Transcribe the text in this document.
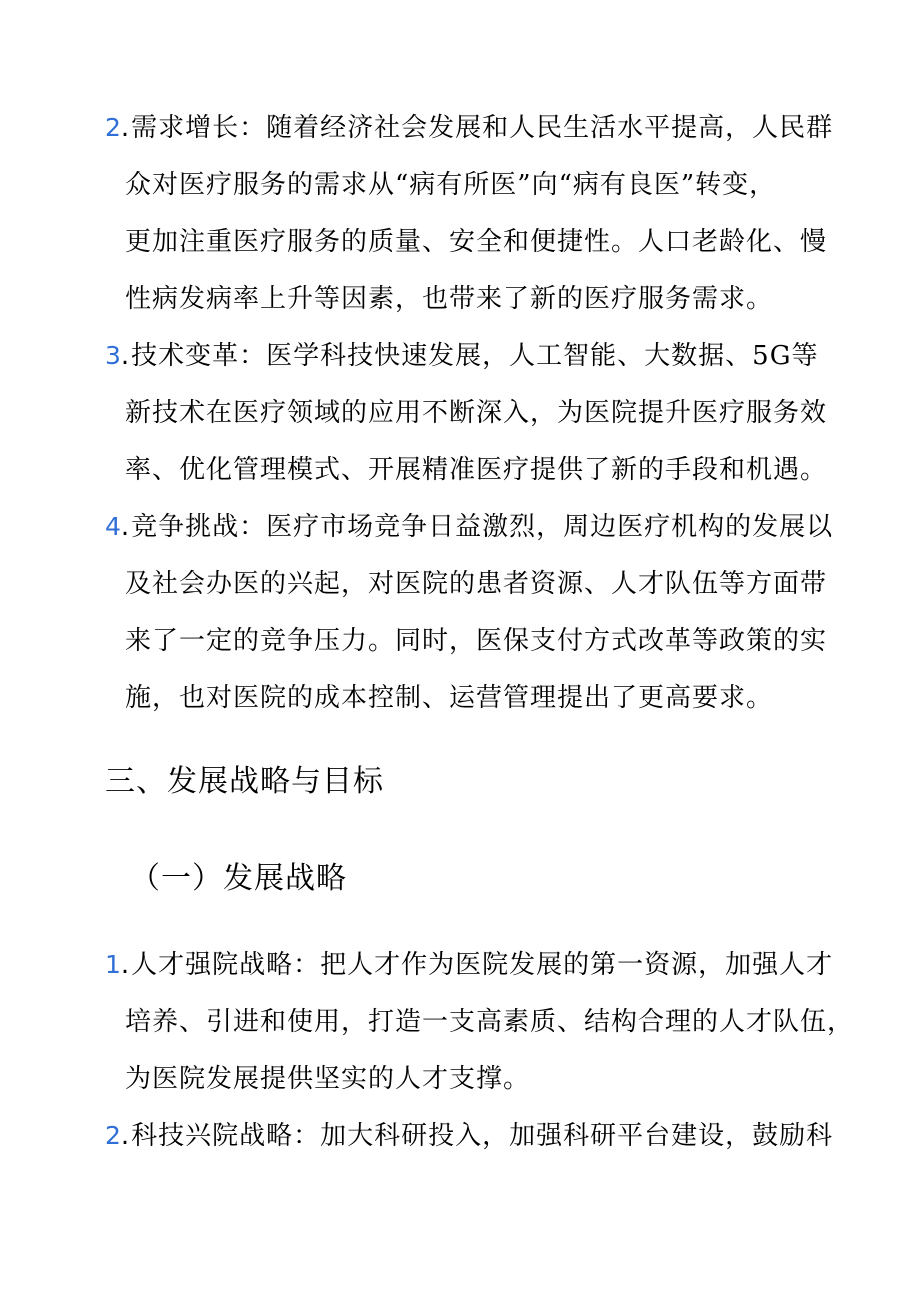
2.需求增长：随着经济社会发展和人民生活水平提高，人民群
众对医疗服务的需求从“病有所医”向“病有良医”转变，
更加注重医疗服务的质量、安全和便捷性。人口老龄化、慢
性病发病率上升等因素，也带来了新的医疗服务需求。
3.技术变革：医学科技快速发展，人工智能、大数据、5G等
新技术在医疗领域的应用不断深入，为医院提升医疗服务效
率、优化管理模式、开展精准医疗提供了新的手段和机遇。
4.竞争挑战：医疗市场竞争日益激烈，周边医疗机构的发展以
及社会办医的兴起，对医院的患者资源、人才队伍等方面带
来了一定的竞争压力。同时，医保支付方式改革等政策的实
施，也对医院的成本控制、运营管理提出了更高要求。
三、发展战略与目标
（一）发展战略
1.人才强院战略：把人才作为医院发展的第一资源，加强人才
培养、引进和使用，打造一支高素质、结构合理的人才队伍，
为医院发展提供坚实的人才支撑。
2.科技兴院战略：加大科研投入，加强科研平台建设，鼓励科
